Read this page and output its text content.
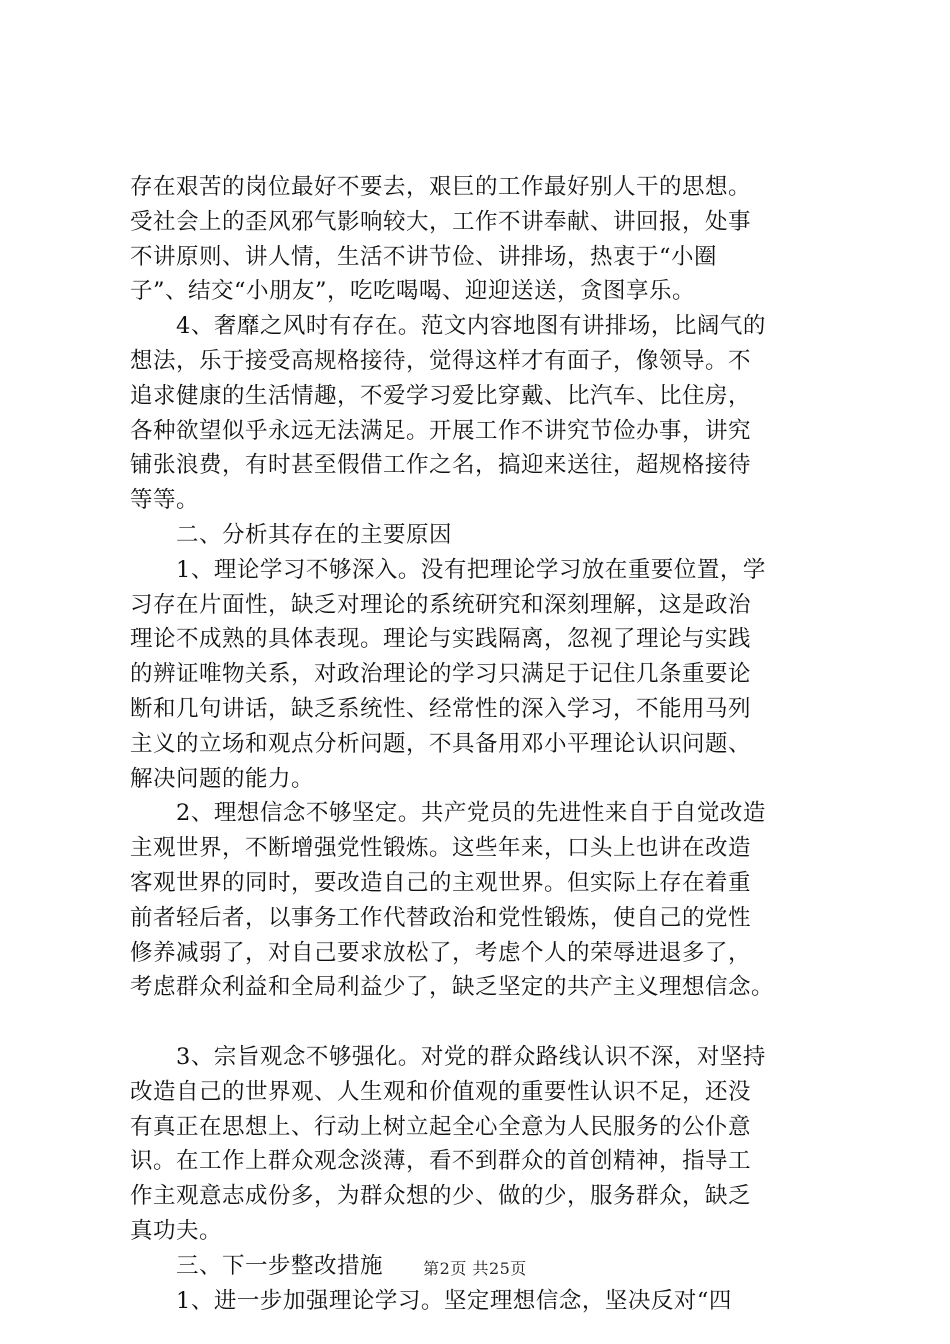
存在艰苦的岗位最好不要去，艰巨的工作最好别人干的思想。
受社会上的歪风邪气影响较大，工作不讲奉献、讲回报，处事
不讲原则、讲人情，生活不讲节俭、讲排场，热衷于“小圈
子”、结交“小朋友”，吃吃喝喝、迎迎送送，贪图享乐。
　　4、奢靡之风时有存在。范文内容地图有讲排场，比阔气的
想法，乐于接受高规格接待，觉得这样才有面子，像领导。不
追求健康的生活情趣，不爱学习爱比穿戴、比汽车、比住房，
各种欲望似乎永远无法满足。开展工作不讲究节俭办事，讲究
铺张浪费，有时甚至假借工作之名，搞迎来送往，超规格接待
等等。
　　二、分析其存在的主要原因
　　1、理论学习不够深入。没有把理论学习放在重要位置，学
习存在片面性，缺乏对理论的系统研究和深刻理解，这是政治
理论不成熟的具体表现。理论与实践隔离，忽视了理论与实践
的辨证唯物关系，对政治理论的学习只满足于记住几条重要论
断和几句讲话，缺乏系统性、经常性的深入学习，不能用马列
主义的立场和观点分析问题，不具备用邓小平理论认识问题、
解决问题的能力。
　　2、理想信念不够坚定。共产党员的先进性来自于自觉改造
主观世界，不断增强党性锻炼。这些年来，口头上也讲在改造
客观世界的同时，要改造自己的主观世界。但实际上存在着重
前者轻后者，以事务工作代替政治和党性锻炼，使自己的党性
修养减弱了，对自己要求放松了，考虑个人的荣辱进退多了，
考虑群众利益和全局利益少了，缺乏坚定的共产主义理想信念。
　　3、宗旨观念不够强化。对党的群众路线认识不深，对坚持
改造自己的世界观、人生观和价值观的重要性认识不足，还没
有真正在思想上、行动上树立起全心全意为人民服务的公仆意
识。在工作上群众观念淡薄，看不到群众的首创精神，指导工
作主观意志成份多，为群众想的少、做的少，服务群众，缺乏
真功夫。
　　三、下一步整改措施
　　1、进一步加强理论学习。坚定理想信念，坚决反对“四
第2页 共25页
